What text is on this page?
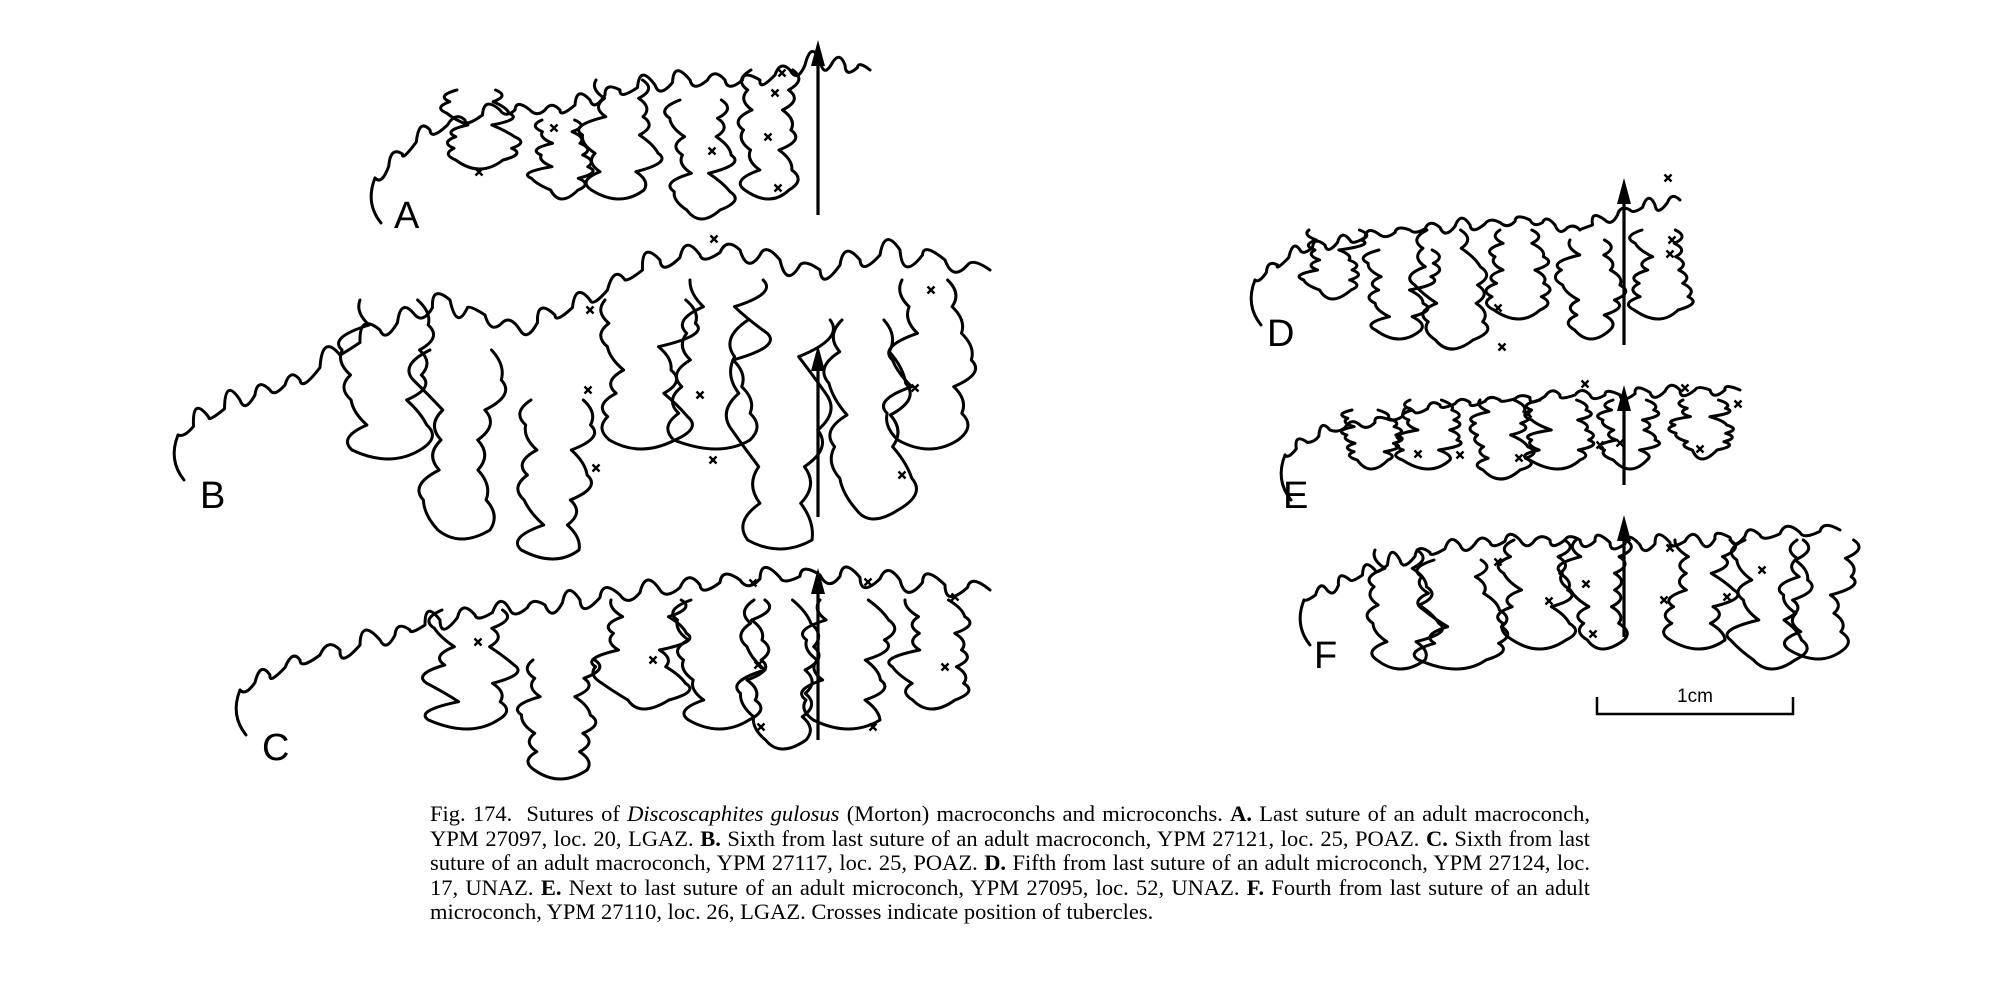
A
B
C
D
E
F
1cm
Fig. 174. Sutures of Discoscaphites gulosus (Morton) macroconchs and microconchs. A. Last suture of an adult macroconch, YPM 27097, loc. 20, LGAZ. B. Sixth from last suture of an adult macroconch, YPM 27121, loc. 25, POAZ. C. Sixth from last suture of an adult macroconch, YPM 27117, loc. 25, POAZ. D. Fifth from last suture of an adult microconch, YPM 27124, loc. 17, UNAZ. E. Next to last suture of an adult microconch, YPM 27095, loc. 52, UNAZ. F. Fourth from last suture of an adult microconch, YPM 27110, loc. 26, LGAZ. Crosses indicate position of tubercles.
